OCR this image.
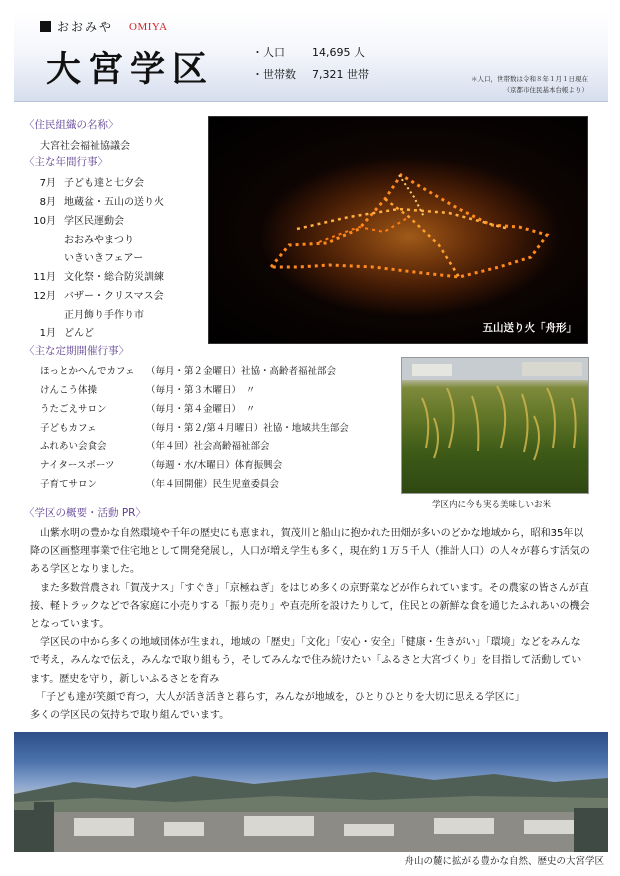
おおみや OMIYA
大宮学区	・人口 14,695 人
・世帯数 7,321 世帯	＊人口，世帯数は令和８年１月１日現在
（京都市住民基本台帳より）
〈住民組織の名称〉
大宮社会福祉協議会
〈主な年間行事〉
7月 子ども達と七夕会
8月 地蔵盆・五山の送り火
10月 学区民運動会
おおみやまつり
いきいきフェアー
11月 文化祭・総合防災訓練
12月 バザー・クリスマス会
正月飾り手作り市
1月 どんど	五山送り火「舟形」
〈主な定期開催行事〉
ほっとかへんでカフェ （毎月・第２金曜日）社協・高齢者福祉部会
けんこう体操	（毎月・第３木曜日）　〃
うたごえサロン	（毎月・第４金曜日）　〃
子どもカフェ	（毎月・第２/第４月曜日）社協・地域共生部会
ふれあい会食会	（年４回）社会高齢福祉部会
ナイタースポーツ	（毎週・水/木曜日）体育振興会
子育てサロン	（年４回開催）民生児童委員会
学区内に今も実る美味しいお米
〈学区の概要・活動 PR〉

山紫水明の豊かな自然環境や千年の歴史にも恵まれ，賀茂川と船山に抱かれた田畑が多いのどかな地域から，昭和35年以降の区画整理事業で住宅地として開発発展し，人口が増え学生も多く，現在約１万５千人（推計人口）の人々が暮らす活気のある学区となりました。

また多数営農され「賀茂ナス」「すぐき」「京極ねぎ」をはじめ多くの京野菜などが作られています。その農家の皆さんが直接、軽トラックなどで各家庭に小売りする「振り売り」や直売所を設けたりして，住民との新鮮な食を通じたふれあいの機会となっています。

学区民の中から多くの地域団体が生まれ，地域の「歴史」「文化」「安心・安全」「健康・生きがい」「環境」などをみんなで考え，みんなで伝え，みんなで取り組もう，そしてみんなで住み続けたい「ふるさと大宮づくり」を目指して活動しています。歴史を守り，新しいふるさとを育み

「子ども達が笑顔で育つ，大人が活き活きと暮らす，みんなが地域を，ひとりひとりを大切に思える学区に」

多くの学区民の気持ちで取り組んでいます。

舟山の麓に拡がる豊かな自然、歴史の大宮学区
